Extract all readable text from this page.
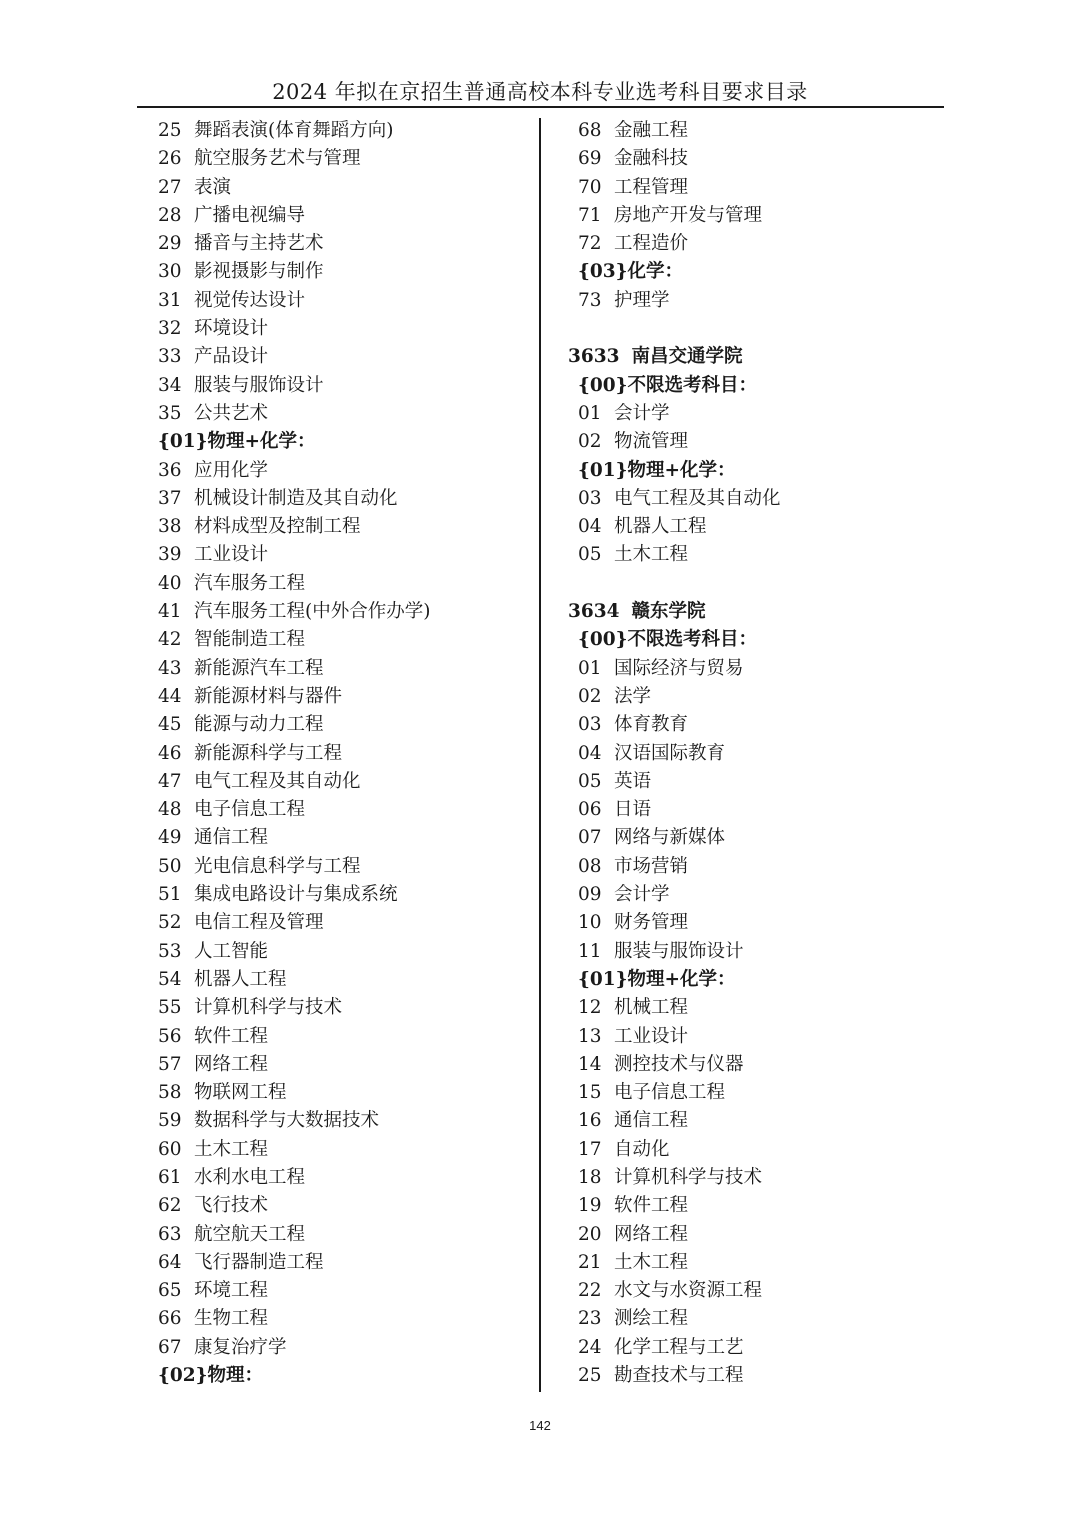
2024 年拟在京招生普通高校本科专业选考科目要求目录
25 舞蹈表演(体育舞蹈方向)
26 航空服务艺术与管理
27 表演
28 广播电视编导
29 播音与主持艺术
30 影视摄影与制作
31 视觉传达设计
32 环境设计
33 产品设计
34 服装与服饰设计
35 公共艺术
{01}物理+化学：
36 应用化学
37 机械设计制造及其自动化
38 材料成型及控制工程
39 工业设计
40 汽车服务工程
41 汽车服务工程(中外合作办学)
42 智能制造工程
43 新能源汽车工程
44 新能源材料与器件
45 能源与动力工程
46 新能源科学与工程
47 电气工程及其自动化
48 电子信息工程
49 通信工程
50 光电信息科学与工程
51 集成电路设计与集成系统
52 电信工程及管理
53 人工智能
54 机器人工程
55 计算机科学与技术
56 软件工程
57 网络工程
58 物联网工程
59 数据科学与大数据技术
60 土木工程
61 水利水电工程
62 飞行技术
63 航空航天工程
64 飞行器制造工程
65 环境工程
66 生物工程
67 康复治疗学
{02}物理：
68 金融工程
69 金融科技
70 工程管理
71 房地产开发与管理
72 工程造价
{03}化学：
73 护理学
3633 南昌交通学院
{00}不限选考科目：
01 会计学
02 物流管理
{01}物理+化学：
03 电气工程及其自动化
04 机器人工程
05 土木工程
3634 赣东学院
{00}不限选考科目：
01 国际经济与贸易
02 法学
03 体育教育
04 汉语国际教育
05 英语
06 日语
07 网络与新媒体
08 市场营销
09 会计学
10 财务管理
11 服装与服饰设计
{01}物理+化学：
12 机械工程
13 工业设计
14 测控技术与仪器
15 电子信息工程
16 通信工程
17 自动化
18 计算机科学与技术
19 软件工程
20 网络工程
21 土木工程
22 水文与水资源工程
23 测绘工程
24 化学工程与工艺
25 勘查技术与工程
142
